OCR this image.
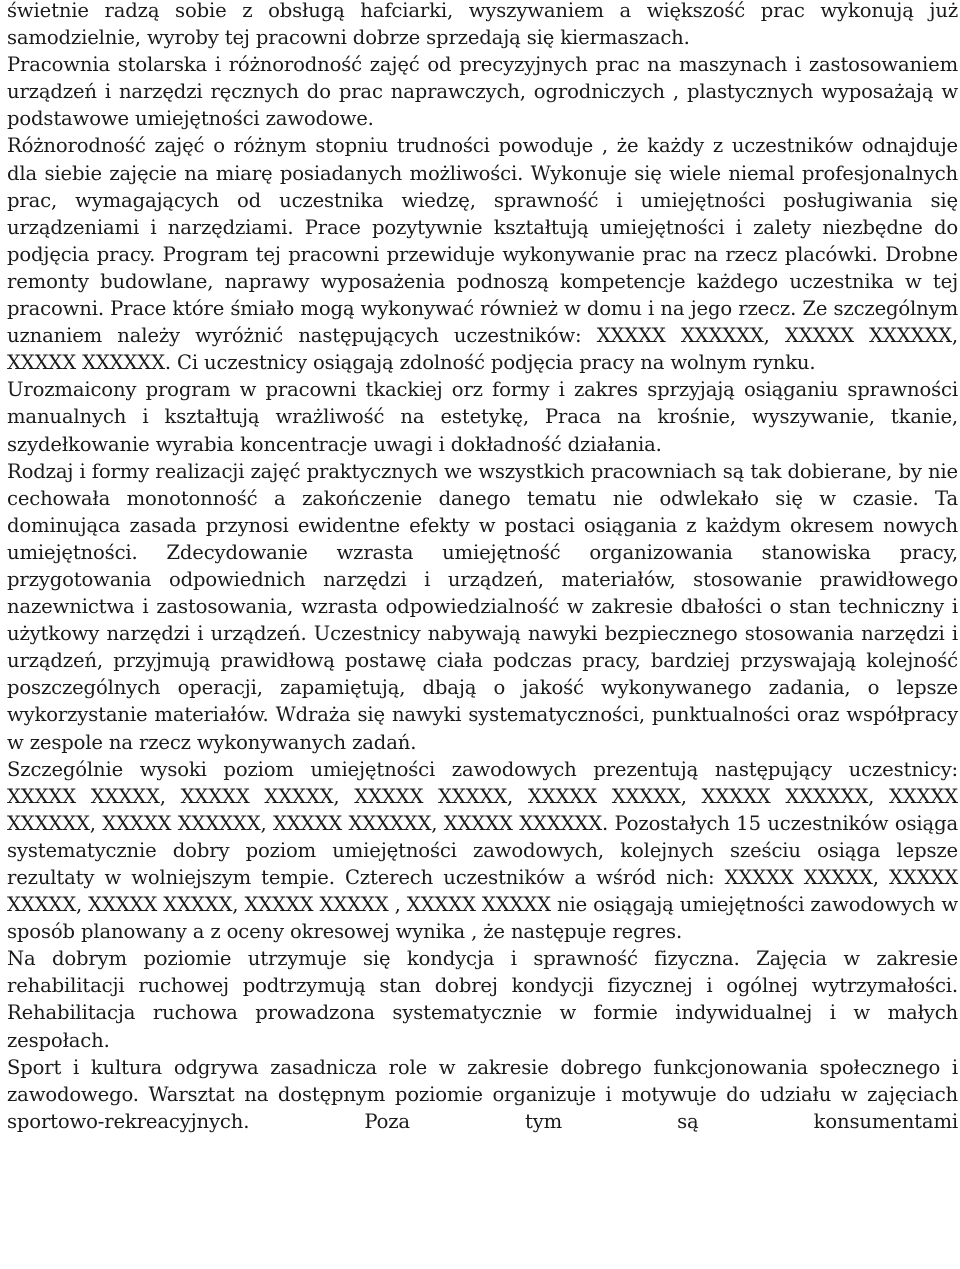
świetnie radzą sobie z obsługą hafciarki, wyszywaniem a większość prac wykonują już samodzielnie, wyroby tej pracowni dobrze sprzedają się kiermaszach.

Pracownia stolarska i różnorodność zajęć od precyzyjnych prac na maszynach i zastosowaniem urządzeń i narzędzi ręcznych do prac naprawczych, ogrodniczych , plastycznych wyposażają w podstawowe umiejętności zawodowe.

Różnorodność zajęć o różnym stopniu trudności powoduje , że każdy z uczestników odnajduje dla siebie zajęcie na miarę posiadanych możliwości. Wykonuje się wiele niemal profesjonalnych prac, wymagających od uczestnika wiedzę, sprawność i umiejętności posługiwania się urządzeniami i narzędziami. Prace pozytywnie kształtują umiejętności i zalety niezbędne do podjęcia pracy. Program tej pracowni przewiduje wykonywanie prac na rzecz placówki. Drobne remonty budowlane, naprawy wyposażenia podnoszą kompetencje każdego uczestnika w tej pracowni. Prace które śmiało mogą wykonywać również w domu i na jego rzecz. Ze szczególnym uznaniem należy wyróżnić następujących uczestników: XXXXX XXXXXX, XXXXX XXXXXX, XXXXX XXXXXX. Ci uczestnicy osiągają zdolność podjęcia pracy na wolnym rynku.

Urozmaicony program w pracowni tkackiej orz formy i zakres sprzyjają osiąganiu sprawności manualnych i kształtują wrażliwość na estetykę, Praca na krośnie, wyszywanie, tkanie, szydełkowanie wyrabia koncentracje uwagi i dokładność działania.

Rodzaj i formy realizacji zajęć praktycznych we wszystkich pracowniach są tak dobierane, by nie cechowała monotonność a zakończenie danego tematu nie odwlekało się w czasie. Ta dominująca zasada przynosi ewidentne efekty w postaci osiągania z każdym okresem nowych umiejętności. Zdecydowanie wzrasta umiejętność organizowania stanowiska pracy, przygotowania odpowiednich narzędzi i urządzeń, materiałów, stosowanie prawidłowego nazewnictwa i zastosowania, wzrasta odpowiedzialność w zakresie dbałości o stan techniczny i użytkowy narzędzi i urządzeń. Uczestnicy nabywają nawyki bezpiecznego stosowania narzędzi i urządzeń, przyjmują prawidłową postawę ciała podczas pracy, bardziej przyswajają kolejność poszczególnych operacji, zapamiętują, dbają o jakość wykonywanego zadania, o lepsze wykorzystanie materiałów. Wdraża się nawyki systematyczności, punktualności oraz współpracy w zespole na rzecz wykonywanych zadań.

Szczególnie wysoki poziom umiejętności zawodowych prezentują następujący uczestnicy: XXXXX XXXXX, XXXXX XXXXX, XXXXX XXXXX, XXXXX XXXXX, XXXXX XXXXXX, XXXXX XXXXXX, XXXXX XXXXXX, XXXXX XXXXXX, XXXXX XXXXXX. Pozostałych 15 uczestników osiąga systematycznie dobry poziom umiejętności zawodowych, kolejnych sześciu osiąga lepsze rezultaty w wolniejszym tempie. Czterech uczestników a wśród nich: XXXXX XXXXX, XXXXX XXXXX, XXXXX XXXXX, XXXXX XXXXX , XXXXX XXXXX nie osiągają umiejętności zawodowych w sposób planowany a z oceny okresowej wynika , że następuje regres.

Na dobrym poziomie utrzymuje się kondycja i sprawność fizyczna. Zajęcia w zakresie rehabilitacji ruchowej podtrzymują stan dobrej kondycji fizycznej i ogólnej wytrzymałości. Rehabilitacja ruchowa prowadzona systematycznie w formie indywidualnej i w małych zespołach.

Sport i kultura odgrywa zasadnicza role w zakresie dobrego funkcjonowania społecznego i zawodowego. Warsztat na dostępnym poziomie organizuje i motywuje do udziału w zajęciach sportowo-rekreacyjnych. Poza tym są konsumentami
